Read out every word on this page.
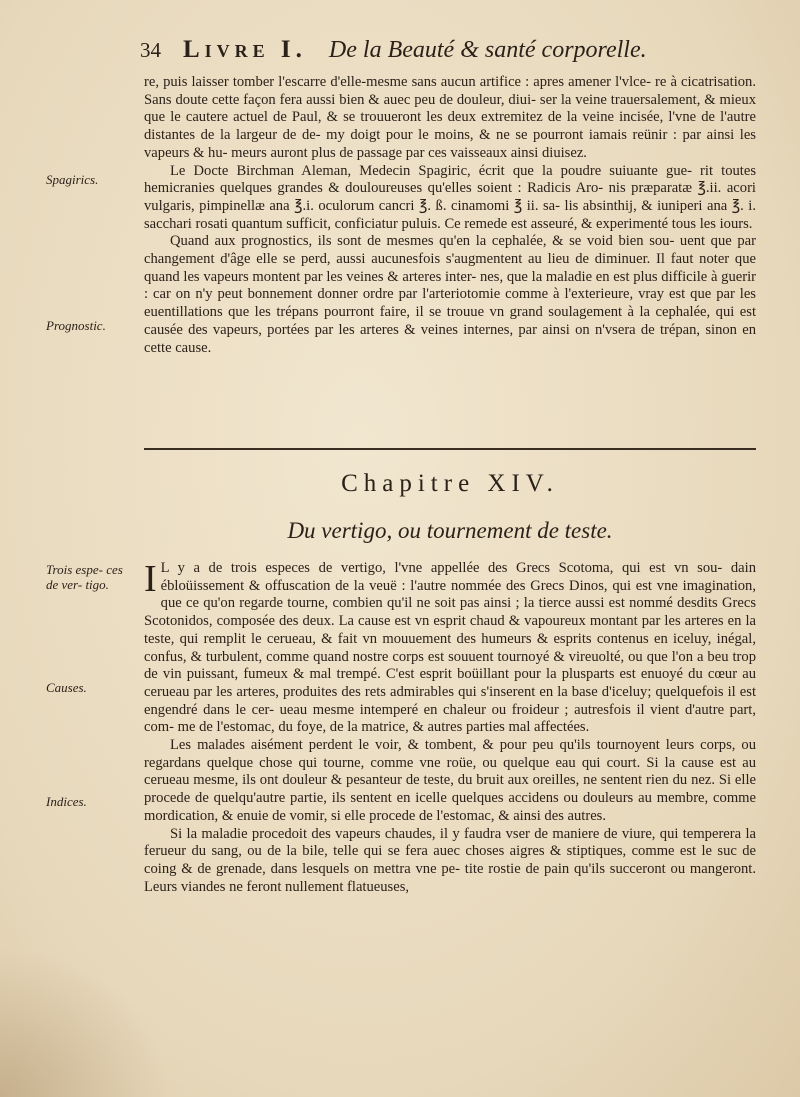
34 Livre I. De la Beauté & santé corporelle.

re, puis laisser tomber l'escarre d'elle-mesme sans aucun artifice : apres amener l'vlce- re à cicatrisation. Sans doute cette façon fera aussi bien & auec peu de douleur, diui- ser la veine trauersalement, & mieux que le cautere actuel de Paul, & se trouueront les deux extremitez de la veine incisée, l'vne de l'autre distantes de la largeur de de- my doigt pour le moins, & ne se pourront iamais reünir : par ainsi les vapeurs & hu- meurs auront plus de passage par ces vaisseaux ainsi diuisez.

Le Docte Birchman Aleman, Medecin Spagiric, écrit que la poudre suiuante gue- rit toutes hemicranies quelques grandes & douloureuses qu'elles soient : Radicis Aro- nis præparatæ ℥.ii. acori vulgaris, pimpinellæ ana ℥.i. oculorum cancri ℥. ß. cinamomi ℥ ii. sa- lis absinthij, & iuniperi ana ℥. i. sacchari rosati quantum sufficit, conficiatur puluis. Ce remede est asseuré, & experimenté tous les iours.

Quand aux prognostics, ils sont de mesmes qu'en la cephalée, & se void bien sou- uent que par changement d'âge elle se perd, aussi aucunesfois s'augmentent au lieu de diminuer. Il faut noter que quand les vapeurs montent par les veines & arteres inter- nes, que la maladie en est plus difficile à guerir : car on n'y peut bonnement donner ordre par l'arteriotomie comme à l'exterieure, vray est que par les euentillations que les trépans pourront faire, il se trouue vn grand soulagement à la cephalée, qui est causée des vapeurs, portées par les arteres & veines internes, par ainsi on n'vsera de trépan, sinon en cette cause.

Spagirics.
Prognostic.
Chapitre XIV.
Du vertigo, ou tournement de teste.

I L y a de trois especes de vertigo, l'vne appellée des Grecs Scotoma, qui est vn sou- dain ébloüissement & offuscation de la veuë : l'autre nommée des Grecs Dinos, qui est vne imagination, que ce qu'on regarde tourne, combien qu'il ne soit pas ainsi ; la tierce aussi est nommé desdits Grecs Scotonidos, composée des deux. La cause est vn esprit chaud & vapoureux montant par les arteres en la teste, qui remplit le cerueau, & fait vn mouuement des humeurs & esprits contenus en iceluy, inégal, confus, & turbulent, comme quand nostre corps est souuent tournoyé & vireuolté, ou que l'on a beu trop de vin puissant, fumeux & mal trempé. C'est esprit boüillant pour la plusparts est enuoyé du cœur au cerueau par les arteres, produites des rets admirables qui s'inserent en la base d'iceluy; quelquefois il est engendré dans le cer- ueau mesme intemperé en chaleur ou froideur ; autresfois il vient d'autre part, com- me de l'estomac, du foye, de la matrice, & autres parties mal affectées.

Les malades aisément perdent le voir, & tombent, & pour peu qu'ils tournoyent leurs corps, ou regardans quelque chose qui tourne, comme vne roüe, ou quelque eau qui court. Si la cause est au cerueau mesme, ils ont douleur & pesanteur de teste, du bruit aux oreilles, ne sentent rien du nez. Si elle procede de quelqu'autre partie, ils sentent en icelle quelques accidens ou douleurs au membre, comme mordication, & enuie de vomir, si elle procede de l'estomac, & ainsi des autres.

Si la maladie procedoit des vapeurs chaudes, il y faudra vser de maniere de viure, qui temperera la ferueur du sang, ou de la bile, telle qui se fera auec choses aigres & stiptiques, comme est le suc de coing & de grenade, dans lesquels on mettra vne pe- tite rostie de pain qu'ils succeront ou mangeront. Leurs viandes ne feront nullement flatueuses,

Trois espe- ces de ver- tigo.
Causes.
Indices.
